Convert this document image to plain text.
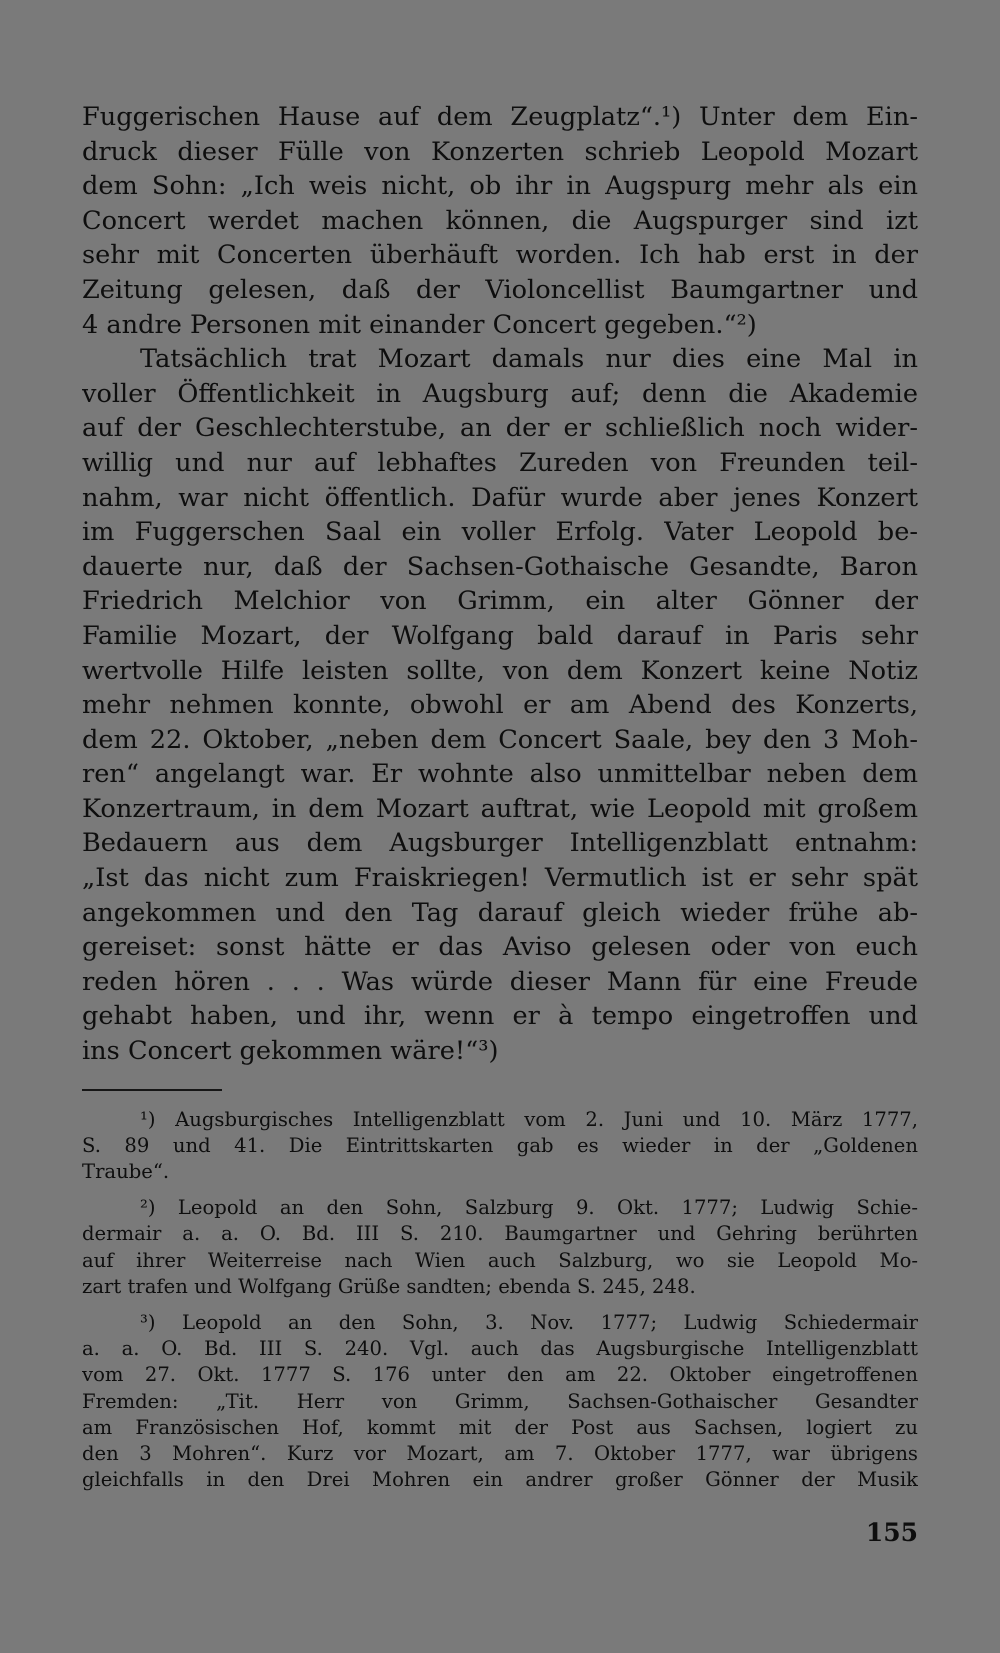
Fuggerischen Hause auf dem Zeugplatz“.¹) Unter dem Ein-
druck dieser Fülle von Konzerten schrieb Leopold Mozart
dem Sohn: „Ich weis nicht, ob ihr in Augspurg mehr als ein
Concert werdet machen können, die Augspurger sind izt
sehr mit Concerten überhäuft worden. Ich hab erst in der
Zeitung gelesen, daß der Violoncellist Baumgartner und
4 andre Personen mit einander Concert gegeben.“²)
Tatsächlich trat Mozart damals nur dies eine Mal in
voller Öffentlichkeit in Augsburg auf; denn die Akademie
auf der Geschlechterstube, an der er schließlich noch wider-
willig und nur auf lebhaftes Zureden von Freunden teil-
nahm, war nicht öffentlich. Dafür wurde aber jenes Konzert
im Fuggerschen Saal ein voller Erfolg. Vater Leopold be-
dauerte nur, daß der Sachsen-Gothaische Gesandte, Baron
Friedrich Melchior von Grimm, ein alter Gönner der
Familie Mozart, der Wolfgang bald darauf in Paris sehr
wertvolle Hilfe leisten sollte, von dem Konzert keine Notiz
mehr nehmen konnte, obwohl er am Abend des Konzerts,
dem 22. Oktober, „neben dem Concert Saale, bey den 3 Moh-
ren“ angelangt war. Er wohnte also unmittelbar neben dem
Konzertraum, in dem Mozart auftrat, wie Leopold mit großem
Bedauern aus dem Augsburger Intelligenzblatt entnahm:
„Ist das nicht zum Fraiskriegen! Vermutlich ist er sehr spät
angekommen und den Tag darauf gleich wieder frühe ab-
gereiset: sonst hätte er das Aviso gelesen oder von euch
reden hören . . . Was würde dieser Mann für eine Freude
gehabt haben, und ihr, wenn er à tempo eingetroffen und
ins Concert gekommen wäre!“³)
¹) Augsburgisches Intelligenzblatt vom 2. Juni und 10. März 1777,
S. 89 und 41. Die Eintrittskarten gab es wieder in der „Goldenen
Traube“.
²) Leopold an den Sohn, Salzburg 9. Okt. 1777; Ludwig Schie-
dermair a. a. O. Bd. III S. 210. Baumgartner und Gehring berührten
auf ihrer Weiterreise nach Wien auch Salzburg, wo sie Leopold Mo-
zart trafen und Wolfgang Grüße sandten; ebenda S. 245, 248.
³) Leopold an den Sohn, 3. Nov. 1777; Ludwig Schiedermair
a. a. O. Bd. III S. 240. Vgl. auch das Augsburgische Intelligenzblatt
vom 27. Okt. 1777 S. 176 unter den am 22. Oktober eingetroffenen
Fremden: „Tit. Herr von Grimm, Sachsen-Gothaischer Gesandter
am Französischen Hof, kommt mit der Post aus Sachsen, logiert zu
den 3 Mohren“. Kurz vor Mozart, am 7. Oktober 1777, war übrigens
gleichfalls in den Drei Mohren ein andrer großer Gönner der Musik
155
